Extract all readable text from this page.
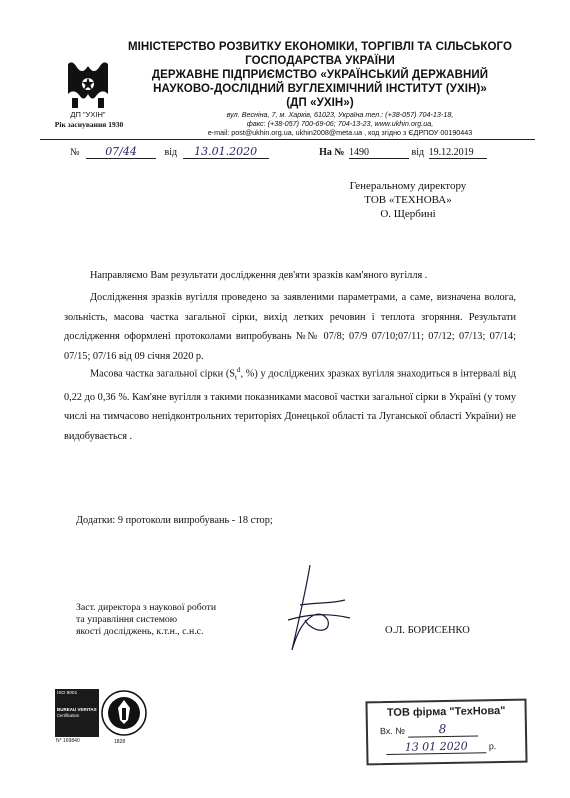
ДП "УХІН"
Рік заснування 1930
МІНІСТЕРСТВО РОЗВИТКУ ЕКОНОМІКИ, ТОРГІВЛІ ТА СІЛЬСЬКОГО
ГОСПОДАРСТВА УКРАЇНИ
ДЕРЖАВНЕ ПІДПРИЄМСТВО «УКРАЇНСЬКИЙ ДЕРЖАВНИЙ
НАУКОВО-ДОСЛІДНИЙ ВУГЛЕХІМІЧНИЙ ІНСТИТУТ (УХІН)»
(ДП «УХІН»)
вул. Весніна, 7, м. Харків, 61023, Україна тел.: (+38-057) 704-13-18,
факс: (+38-057) 700-69-06; 704-13-23, www.ukhin.org.ua,
e-mail: post@ukhin.org.ua, ukhin2008@meta.ua , код згідно з ЄДРПОУ 00190443
№ 07/44	від 13.01.2020	На № 1490	від 19.12.2019
Генеральному директору
ТОВ «ТЕХНОВА»
О. Щербині
Направляємо Вам результати дослідження дев'яти зразків кам'яного вугілля .
Дослідження зразків вугілля проведено за заявленими параметрами, а саме, визначена волога, зольність, масова частка загальної сірки, вихід летких речовин і теплота згоряння. Результати дослідження оформлені протоколами випробувань №№ 07/8; 07/9 07/10;07/11; 07/12; 07/13; 07/14; 07/15; 07/16 від 09 січня 2020 р.
Масова частка загальної сірки ($S_t^d$, %) у досліджених зразках вугілля знаходиться в інтервалі від 0,22 до 0,36 %. Кам'яне вугілля з такими показниками масової частки загальної сірки в Україні (у тому числі на тимчасово непідконтрольних територіях Донецької області та Луганської області України) не видобувається .
Додатки: 9 протоколи випробувань - 18 стор;
Заст. директора з наукової роботи
та управління системою
якості досліджень, к.т.н., с.н.с.	О.Л. БОРИСЕНКО
ISO 9001
BUREAU VERITAS
Certification
N° 169840	1828
ТОВ фірма "ТехНова"
Вх. №	8
13 01 2020 р.
